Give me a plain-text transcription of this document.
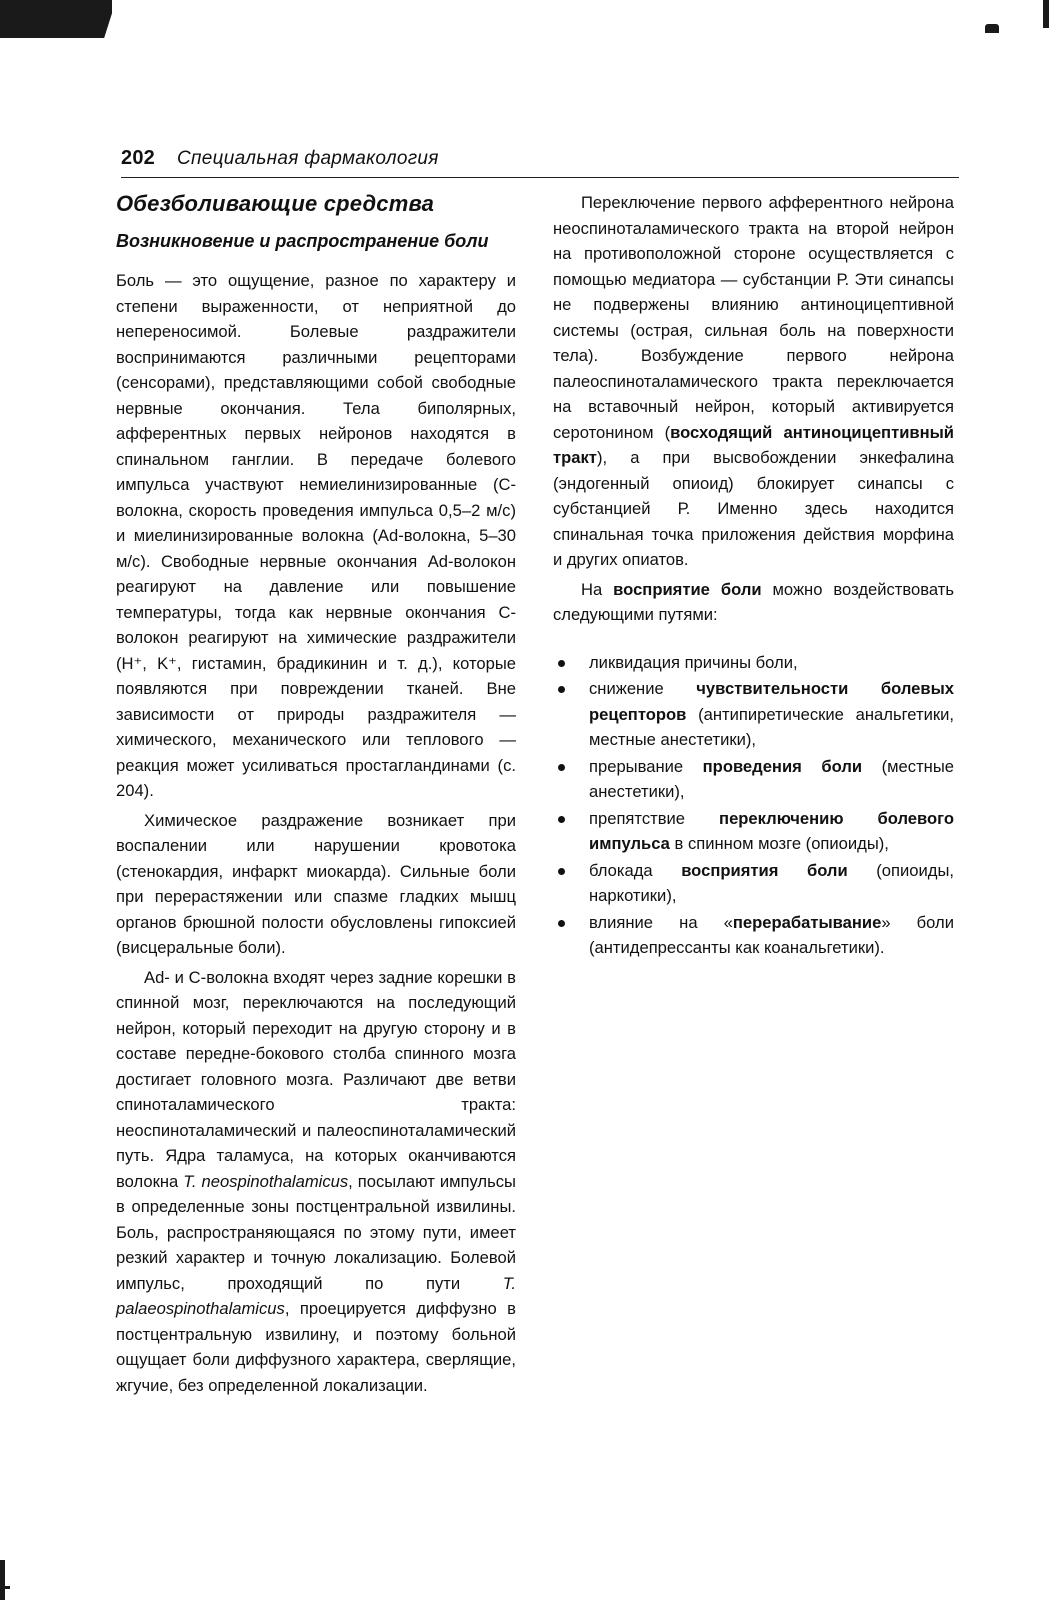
202 Специальная фармакология
Обезболивающие средства
Возникновение и распространение боли

Боль — это ощущение, разное по характеру и степени выраженности, от неприятной до непереносимой. Болевые раздражители воспринимаются различными рецепторами (сенсорами), представляющими собой свободные нервные окончания. Тела биполярных, афферентных первых нейронов находятся в спинальном ганглии. В передаче болевого импульса участвуют немиелинизированные (С-волокна, скорость проведения импульса 0,5–2 м/с) и миелинизированные волокна (Ad-волокна, 5–30 м/с). Свободные нервные окончания Ad-волокон реагируют на давление или повышение температуры, тогда как нервные окончания С-волокон реагируют на химические раздражители (H⁺, K⁺, гистамин, брадикинин и т. д.), которые появляются при повреждении тканей. Вне зависимости от природы раздражителя — химического, механического или теплового — реакция может усиливаться простагландинами (с. 204).

Химическое раздражение возникает при воспалении или нарушении кровотока (стенокардия, инфаркт миокарда). Сильные боли при перерастяжении или спазме гладких мышц органов брюшной полости обусловлены гипоксией (висцеральные боли).

Ad- и С-волокна входят через задние корешки в спинной мозг, переключаются на последующий нейрон, который переходит на другую сторону и в составе передне-бокового столба спинного мозга достигает головного мозга. Различают две ветви спиноталамического тракта: неоспиноталамический и палеоспиноталамический путь. Ядра таламуса, на которых оканчиваются волокна T. neospinothalamicus, посылают импульсы в определенные зоны постцентральной извилины. Боль, распространяющаяся по этому пути, имеет резкий характер и точную локализацию. Болевой импульс, проходящий по пути T. palaeospinothalamicus, проецируется диффузно в постцентральную извилину, и поэтому больной ощущает боли диффузного характера, сверлящие, жгучие, без определенной локализации.

Переключение первого афферентного нейрона неоспиноталамического тракта на второй нейрон на противоположной стороне осуществляется с помощью медиатора — субстанции Р. Эти синапсы не подвержены влиянию антиноцицептивной системы (острая, сильная боль на поверхности тела). Возбуждение первого нейрона палеоспиноталамического тракта переключается на вставочный нейрон, который активируется серотонином (восходящий антиноцицептивный тракт), а при высвобождении энкефалина (эндогенный опиоид) блокирует синапсы с субстанцией Р. Именно здесь находится спинальная точка приложения действия морфина и других опиатов.

На восприятие боли можно воздействовать следующими путями:

ликвидация причины боли,
снижение чувствительности болевых рецепторов (антипиретические анальгетики, местные анестетики),
прерывание проведения боли (местные анестетики),
препятствие переключению болевого импульса в спинном мозге (опиоиды),
блокада восприятия боли (опиоиды, наркотики),
влияние на «перерабатывание» боли (антидепрессанты как коанальгетики).
